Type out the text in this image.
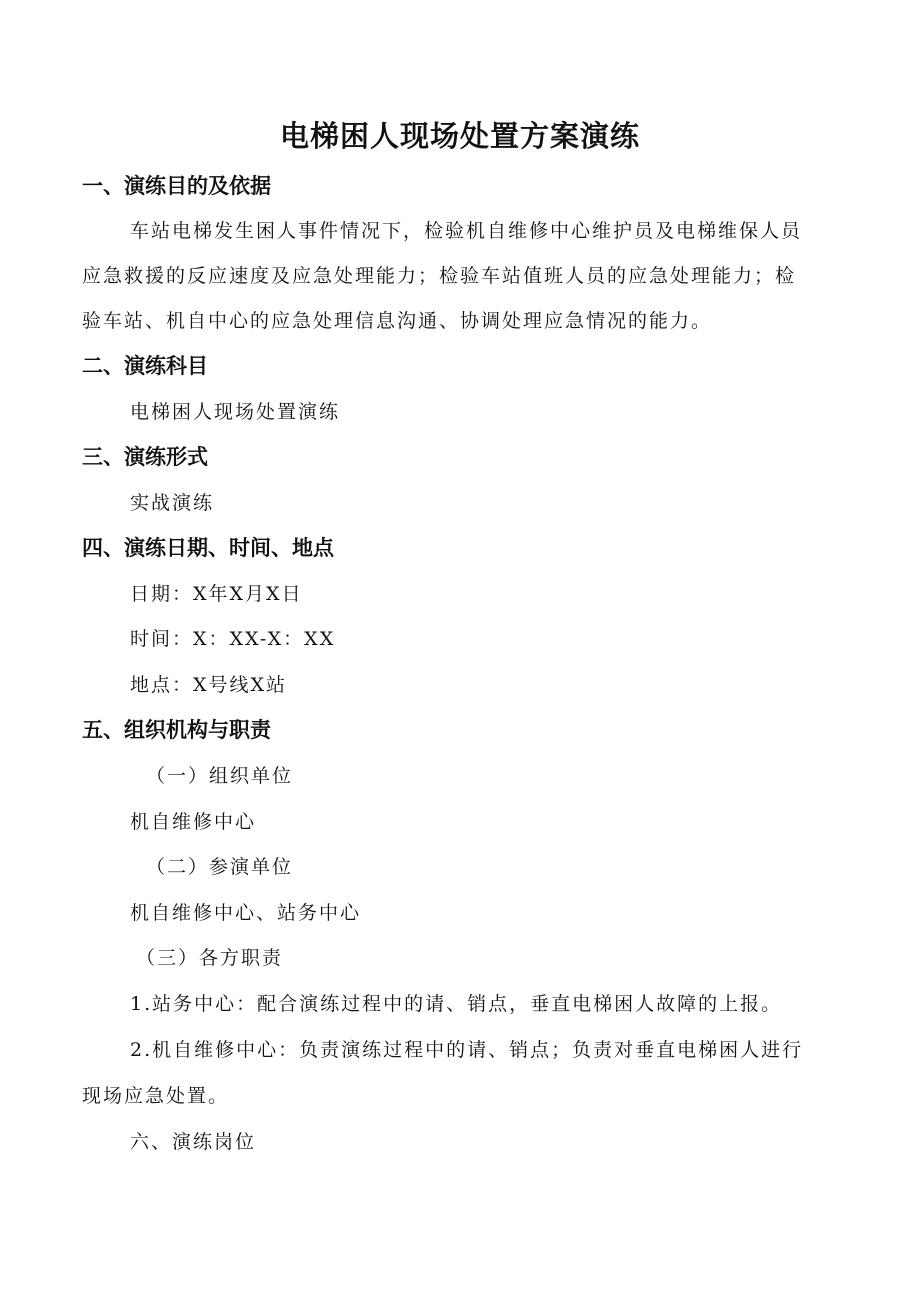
电梯困人现场处置方案演练
一、演练目的及依据

车站电梯发生困人事件情况下，检验机自维修中心维护员及电梯维保人员

应急救援的反应速度及应急处理能力；检验车站值班人员的应急处理能力；检

验车站、机自中心的应急处理信息沟通、协调处理应急情况的能力。

二、演练科目

电梯困人现场处置演练

三、演练形式

实战演练

四、演练日期、时间、地点

日期：X年X月X日

时间：X：XX-X：XX

地点：X号线X站

五、组织机构与职责

（一）组织单位

机自维修中心

（二）参演单位

机自维修中心、站务中心

（三）各方职责

1.站务中心：配合演练过程中的请、销点，垂直电梯困人故障的上报。

2.机自维修中心：负责演练过程中的请、销点；负责对垂直电梯困人进行

现场应急处置。

六、演练岗位
